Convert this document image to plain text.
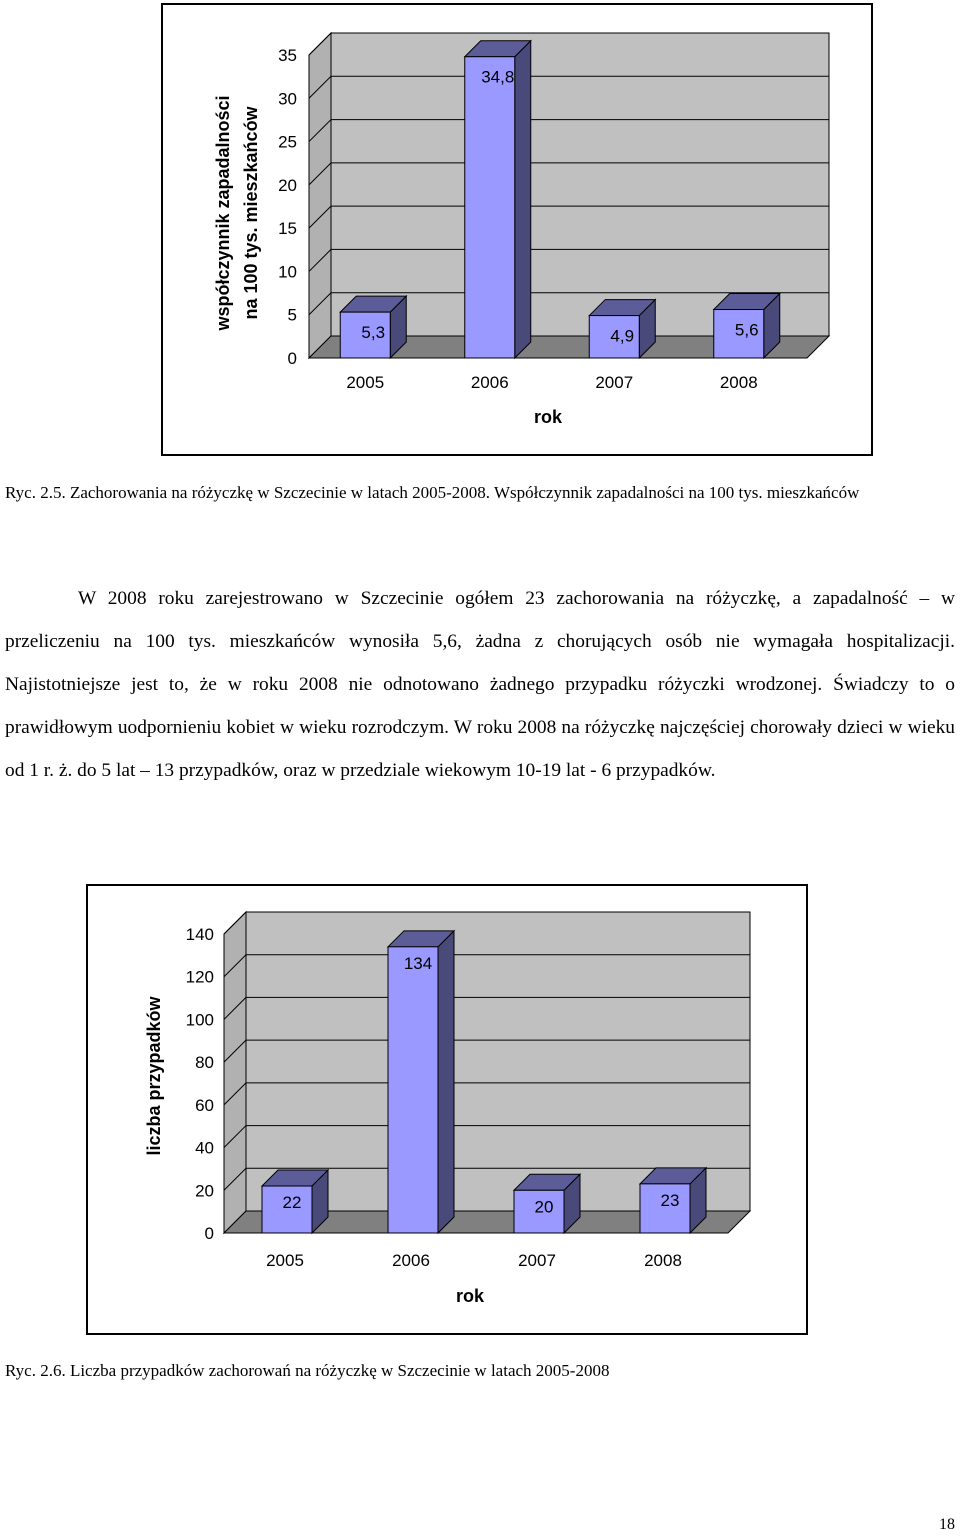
0
5
10
15
20
25
30
35
5,3
2005
34,8
2006
4,9
2007
5,6
2008
rok
współczynnik zapadalności na 100 tys. mieszkańców
Ryc. 2.5. Zachorowania na różyczkę w Szczecinie w latach 2005-2008. Współczynnik zapadalności na 100 tys. mieszkańców

W 2008 roku zarejestrowano w Szczecinie ogółem 23 zachorowania na różyczkę, a zapadalność – w przeliczeniu na 100 tys. mieszkańców wynosiła 5,6, żadna z chorujących osób nie wymagała hospitalizacji. Najistotniejsze jest to, że w roku 2008 nie odnotowano żadnego przypadku różyczki wrodzonej. Świadczy to o prawidłowym uodpornieniu kobiet w wieku rozrodczym. W roku 2008 na różyczkę najczęściej chorowały dzieci w wieku od 1 r. ż. do 5 lat – 13 przypadków, oraz w przedziale wiekowym 10-19 lat - 6 przypadków.

0
20
40
60
80
100
120
140
22
2005
134
2006
20
2007
23
2008
rok
liczba przypadków
Ryc. 2.6. Liczba przypadków zachorowań na różyczkę w Szczecinie w latach 2005-2008
18
